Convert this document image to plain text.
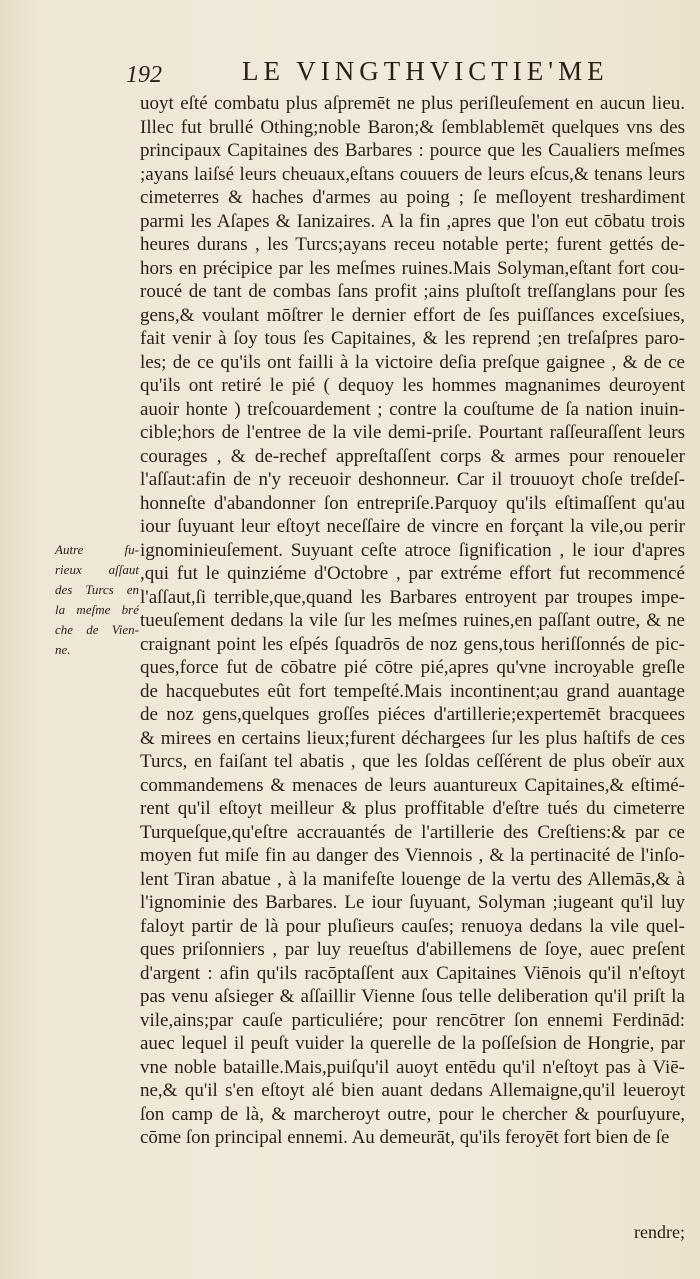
192	LE VINGTHVICTIE'ME
Autre fu-
rieux aſſaut
des Turcs en
la meſme bré
che de Vien-
ne.
uoyt eſté combatu plus aſpremēt ne plus periſleuſement en aucun lieu.
Illec fut brullé Othing;noble Baron;& ſemblablemēt quelques vns des
principaux Capitaines des Barbares : pource que les Caualiers meſmes
;ayans laiſsé leurs cheuaux,eſtans couuers de leurs eſcus,& tenans leurs
cimeterres & haches d'armes au poing ; ſe meſloyent treshardiment
parmi les Aſapes & Ianizaires. A la fin ,apres que l'on eut cōbatu trois
heures durans , les Turcs;ayans receu notable perte; furent gettés de-
hors en précipice par les meſmes ruines.Mais Solyman,eſtant fort cou-
roucé de tant de combas ſans profit ;ains pluſtoſt treſſanglans pour ſes
gens,& voulant mōſtrer le dernier effort de ſes puiſſances exceſsiues,
fait venir à ſoy tous ſes Capitaines, & les reprend ;en treſaſpres paro-
les; de ce qu'ils ont failli à la victoire deſia preſque gaignee , & de ce
qu'ils ont retiré le pié ( dequoy les hommes magnanimes deuroyent
auoir honte ) treſcouardement ; contre la couſtume de ſa nation inuin-
cible;hors de l'entree de la vile demi-priſe. Pourtant raſſeuraſſent leurs
courages , & de-rechef appreſtaſſent corps & armes pour renoueler
l'aſſaut:afin de n'y receuoir deshonneur. Car il trouuoyt choſe treſdeſ-
honneſte d'abandonner ſon entrepriſe.Parquoy qu'ils eſtimaſſent qu'au
iour ſuyuant leur eſtoyt neceſſaire de vincre en forçant la vile,ou perir
ignominieuſement. Suyuant ceſte atroce ſignification , le iour d'apres
,qui fut le quinziéme d'Octobre , par extréme effort fut recommencé
l'aſſaut,ſi terrible,que,quand les Barbares entroyent par troupes impe-
tueuſement dedans la vile ſur les meſmes ruines,en paſſant outre, & ne
craignant point les eſpés ſquadrōs de noz gens,tous heriſſonnés de pic-
ques,force fut de cōbatre pié cōtre pié,apres qu'vne incroyable greſle
de hacquebutes eût fort tempeſté.Mais incontinent;au grand auantage
de noz gens,quelques groſſes piéces d'artillerie;expertemēt bracquees
& mirees en certains lieux;furent déchargees ſur les plus haſtifs de ces
Turcs, en faiſant tel abatis , que les ſoldas ceſſérent de plus obeïr aux
commandemens & menaces de leurs auantureux Capitaines,& eſtimé-
rent qu'il eſtoyt meilleur & plus proffitable d'eſtre tués du cimeterre
Turqueſque,qu'eſtre accrauantés de l'artillerie des Creſtiens:& par ce
moyen fut miſe fin au danger des Viennois , & la pertinacité de l'inſo-
lent Tiran abatue , à la manifeſte louenge de la vertu des Allemās,& à
l'ignominie des Barbares. Le iour ſuyuant, Solyman ;iugeant qu'il luy
faloyt partir de là pour pluſieurs cauſes; renuoya dedans la vile quel-
ques priſonniers , par luy reueſtus d'abillemens de ſoye, auec preſent
d'argent : afin qu'ils racōptaſſent aux Capitaines Viēnois qu'il n'eſtoyt
pas venu aſsieger & aſſaillir Vienne ſous telle deliberation qu'il priſt la
vile,ains;par cauſe particuliére; pour rencōtrer ſon ennemi Ferdinād:
auec lequel il peuſt vuider la querelle de la poſſeſsion de Hongrie, par
vne noble bataille.Mais,puiſqu'il auoyt entēdu qu'il n'eſtoyt pas à Viē-
ne,& qu'il s'en eſtoyt alé bien auant dedans Allemaigne,qu'il leueroyt
ſon camp de là, & marcheroyt outre, pour le chercher & pourſuyure,
cōme ſon principal ennemi. Au demeurāt, qu'ils feroyēt fort bien de ſe
rendre;
